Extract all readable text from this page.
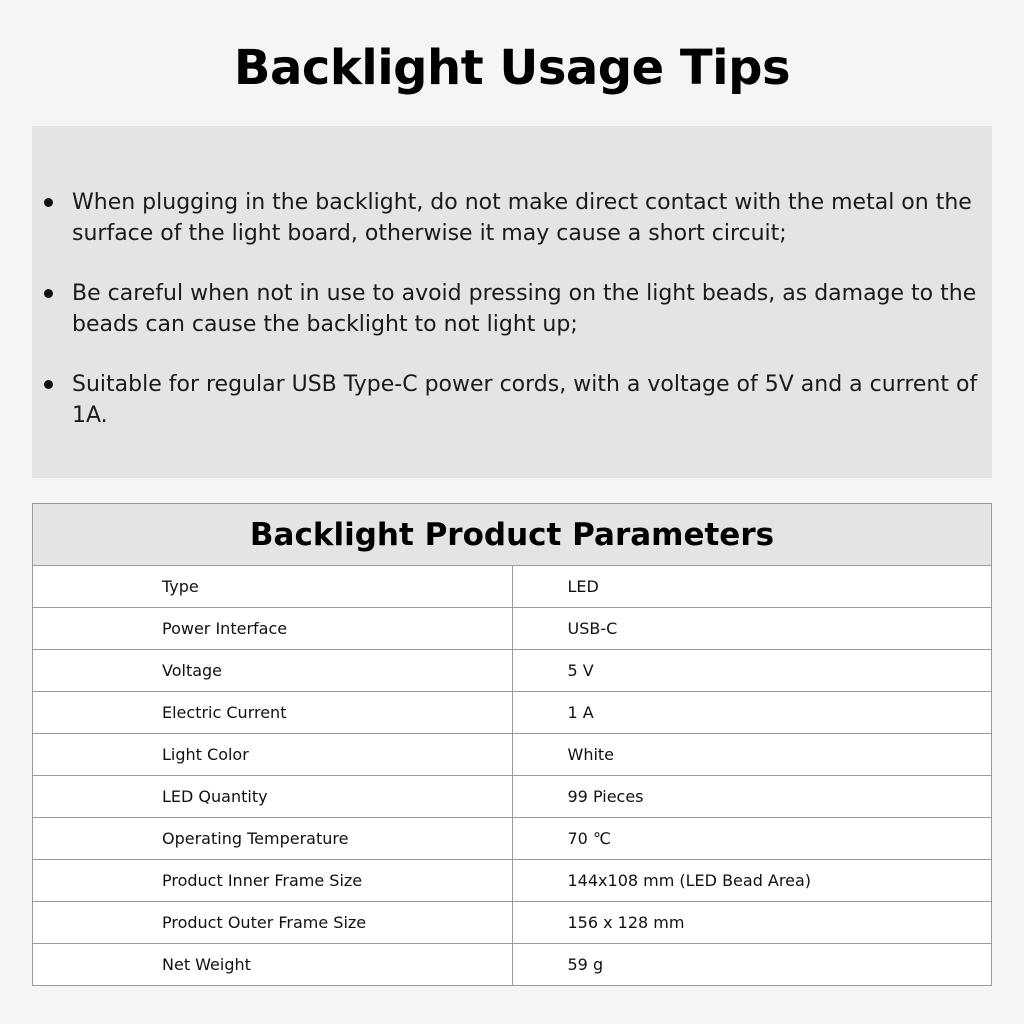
Backlight Usage Tips
When plugging in the backlight, do not make direct contact with the metal on the surface of the light board, otherwise it may cause a short circuit;
Be careful when not in use to avoid pressing on the light beads, as damage to the beads can cause the backlight to not light up;
Suitable for regular USB Type-C power cords, with a voltage of 5V and a current of 1A.
Backlight Product Parameters	
Type	LED
Power Interface	USB-C
Voltage	5 V
Electric Current	1 A
Light Color	White
LED Quantity	99 Pieces
Operating Temperature	70 ℃
Product Inner Frame Size	144x108 mm (LED Bead Area)
Product Outer Frame Size	156 x 128 mm
Net Weight	59 g
